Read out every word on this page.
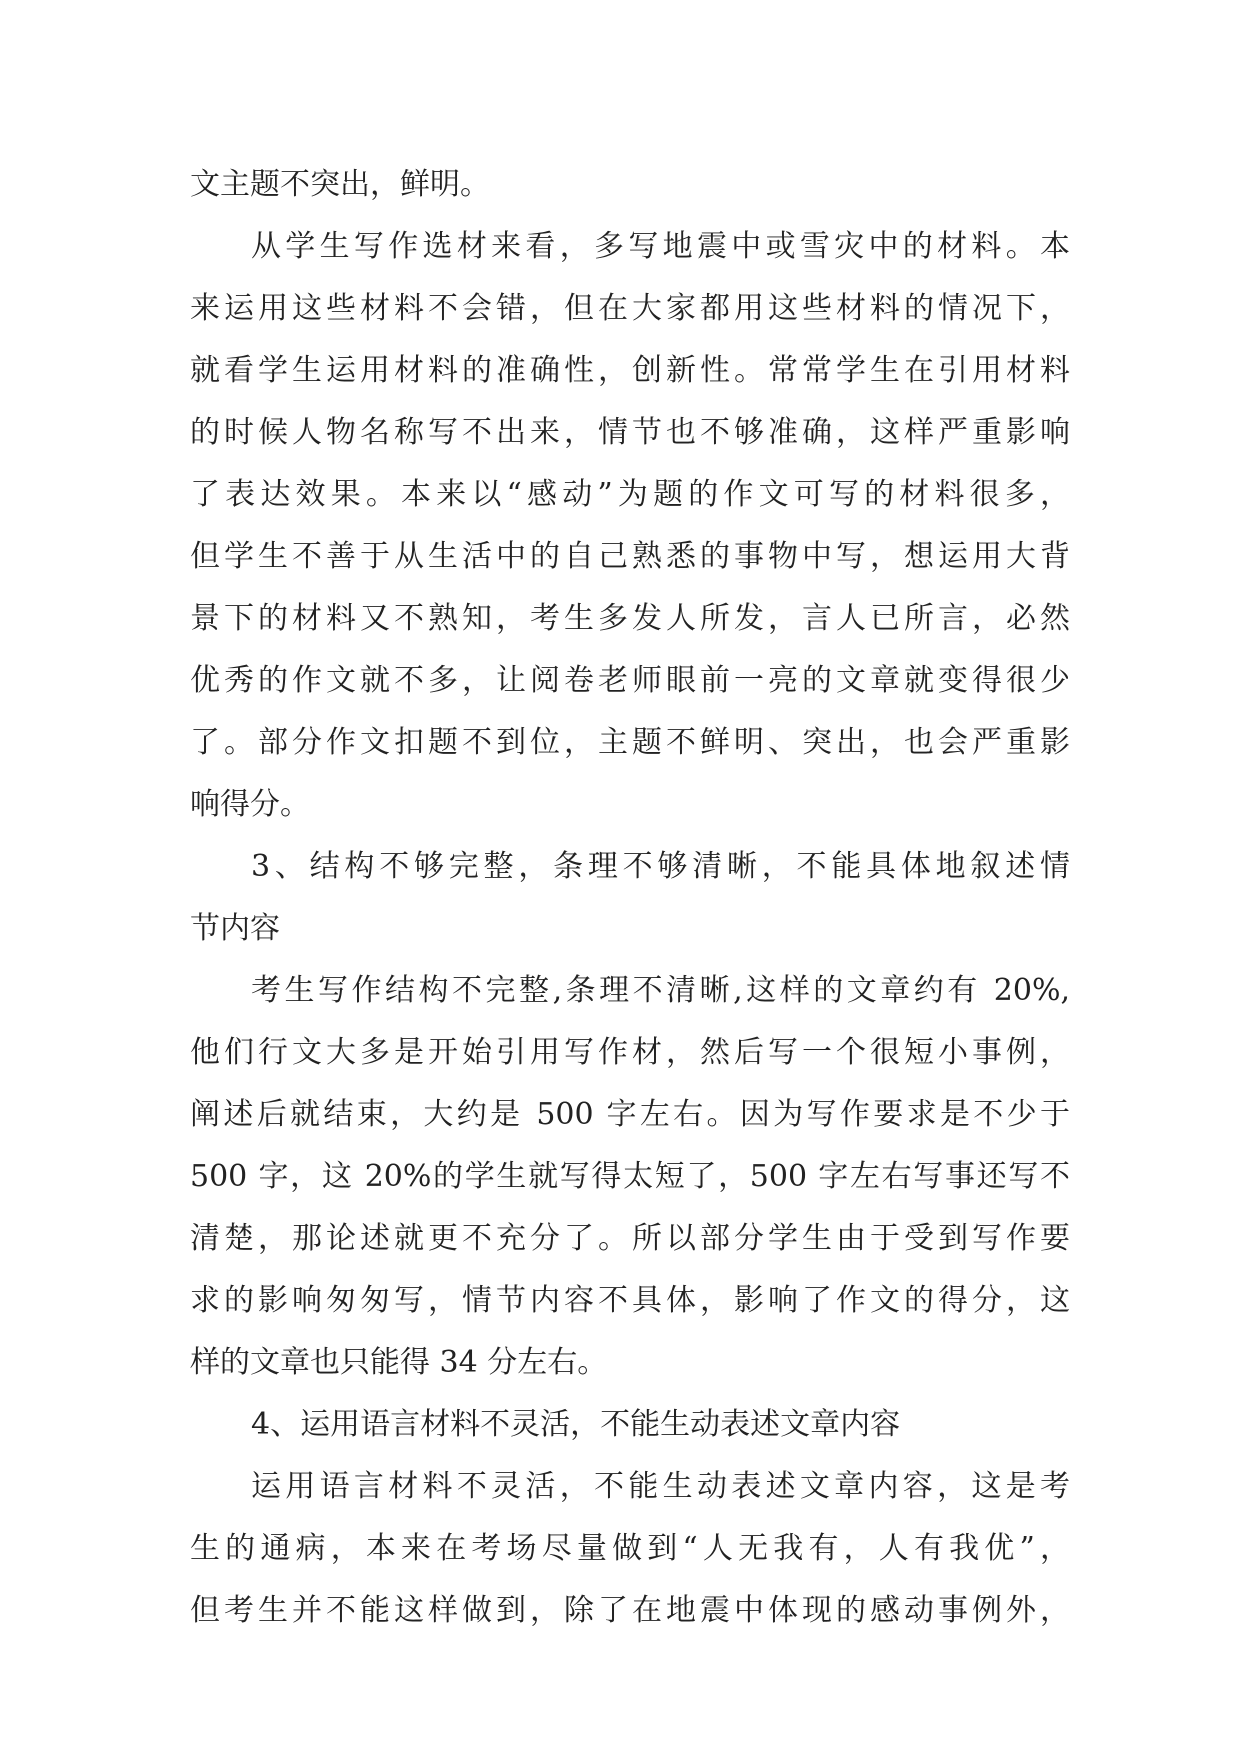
文主题不突出，鲜明。
从学生写作选材来看，多写地震中或雪灾中的材料。本
来运用这些材料不会错，但在大家都用这些材料的情况下，
就看学生运用材料的准确性，创新性。常常学生在引用材料
的时候人物名称写不出来，情节也不够准确，这样严重影响
了表达效果。本来以“感动”为题的作文可写的材料很多，
但学生不善于从生活中的自己熟悉的事物中写，想运用大背
景下的材料又不熟知，考生多发人所发，言人已所言，必然
优秀的作文就不多，让阅卷老师眼前一亮的文章就变得很少
了。部分作文扣题不到位，主题不鲜明、突出，也会严重影
响得分。
3、结构不够完整，条理不够清晰，不能具体地叙述情
节内容
考生写作结构不完整,条理不清晰,这样的文章约有 20%,
他们行文大多是开始引用写作材，然后写一个很短小事例，
阐述后就结束，大约是 500 字左右。因为写作要求是不少于
500 字，这 20%的学生就写得太短了，500 字左右写事还写不
清楚，那论述就更不充分了。所以部分学生由于受到写作要
求的影响匆匆写，情节内容不具体，影响了作文的得分，这
样的文章也只能得 34 分左右。
4、运用语言材料不灵活，不能生动表述文章内容
运用语言材料不灵活，不能生动表述文章内容，这是考
生的通病，本来在考场尽量做到“人无我有，人有我优”，
但考生并不能这样做到，除了在地震中体现的感动事例外，
